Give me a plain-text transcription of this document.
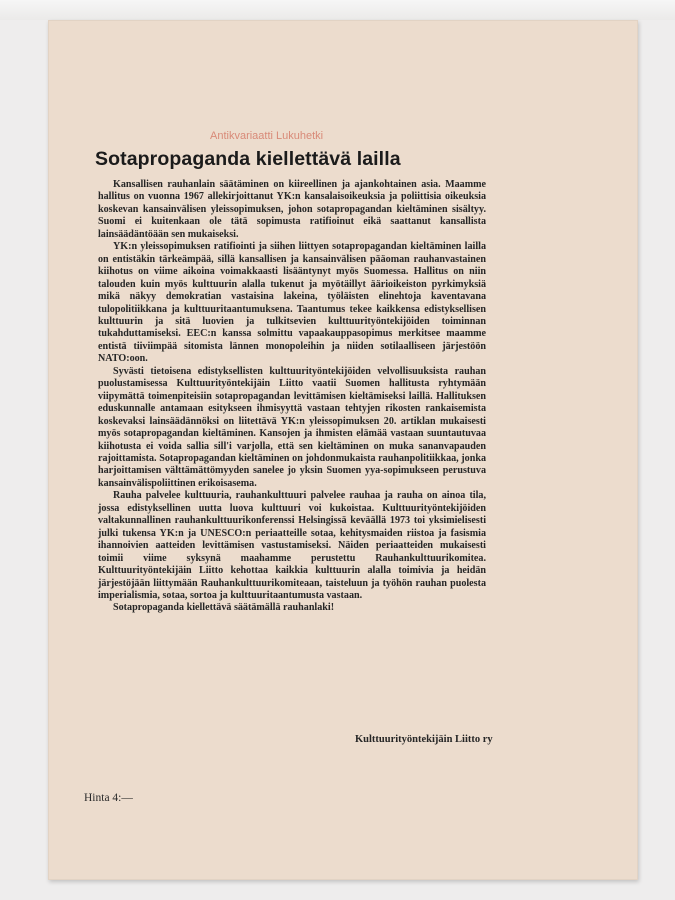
Sotapropaganda kiellettävä lailla

Kansallisen rauhanlain säätäminen on kiireellinen ja ajankohtainen asia. Maamme hallitus on vuonna 1967 allekirjoittanut YK:n kansalaisoikeuksia ja poliittisia oikeuksia koskevan kansainvälisen yleissopimuksen, johon sotapropagandan kieltäminen sisältyy. Suomi ei kuitenkaan ole tätä sopimusta ratifioinut eikä saattanut kansallista lainsäädäntöään sen mukaiseksi.

YK:n yleissopimuksen ratifiointi ja siihen liittyen sotapropagandan kieltäminen lailla on entistäkin tärkeämpää, sillä kansallisen ja kansainvälisen pääoman rauhanvastainen kiihotus on viime aikoina voimakkaasti lisääntynyt myös Suomessa. Hallitus on niin talouden kuin myös kulttuurin alalla tukenut ja myötäillyt äärioikeiston pyrkimyksiä mikä näkyy demokratian vastaisina lakeina, työläisten elinehtoja kaventavana tulopolitiikkana ja kulttuuritaantumuksena. Taantumus tekee kaikkensa edistyksellisen kulttuurin ja sitä luovien ja tulkitsevien kulttuurityöntekijöiden toiminnan tukahduttamiseksi. EEC:n kanssa solmittu vapaakauppasopimus merkitsee maamme entistä tiiviimpää sitomista lännen monopoleihin ja niiden sotilaalliseen järjestöön NATO:oon.

Syvästi tietoisena edistyksellisten kulttuurityöntekijöiden velvollisuuksista rauhan puolustamisessa Kulttuurityöntekijäin Liitto vaatii Suomen hallitusta ryhtymään viipymättä toimenpiteisiin sotapropagandan levittämisen kieltämiseksi laillä. Hallituksen eduskunnalle antamaan esitykseen ihmisyyttä vastaan tehtyjen rikosten rankaisemista koskevaksi lainsäädännöksi on liitettävä YK:n yleissopimuksen 20. artiklan mukaisesti myös sotapropagandan kieltäminen. Kansojen ja ihmisten elämää vastaan suuntautuvaa kiihotusta ei voida sallia sill'i varjolla, että sen kieltäminen on muka sananvapauden rajoittamista. Sotapropagandan kieltäminen on johdonmukaista rauhanpolitiikkaa, jonka harjoittamisen välttämättömyyden sanelee jo yksin Suomen yya-sopimukseen perustuva kansainvälispoliittinen erikoisasema.

Rauha palvelee kulttuuria, rauhankulttuuri palvelee rauhaa ja rauha on ainoa tila, jossa edistyksellinen uutta luova kulttuuri voi kukoistaa. Kulttuurityöntekijöiden valtakunnallinen rauhankulttuurikonferenssi Helsingissä keväällä 1973 toi yksimielisesti julki tukensa YK:n ja UNESCO:n periaatteille sotaa, kehitysmaiden riistoa ja fasismia ihannoivien aatteiden levittämisen vastustamiseksi. Näiden periaatteiden mukaisesti toimii viime syksynä maahamme perustettu Rauhankulttuurikomitea. Kulttuurityöntekijäin Liitto kehottaa kaikkia kulttuurin alalla toimivia ja heidän järjestöjään liittymään Rauhankulttuurikomiteaan, taisteluun ja työhön rauhan puolesta imperialismia, sotaa, sortoa ja kulttuuritaantumusta vastaan.

Sotapropaganda kiellettävä säätämällä rauhanlaki!

Antikvariaatti Lukuhetki
Kulttuurityöntekijäin Liitto ry
Hinta 4:—
